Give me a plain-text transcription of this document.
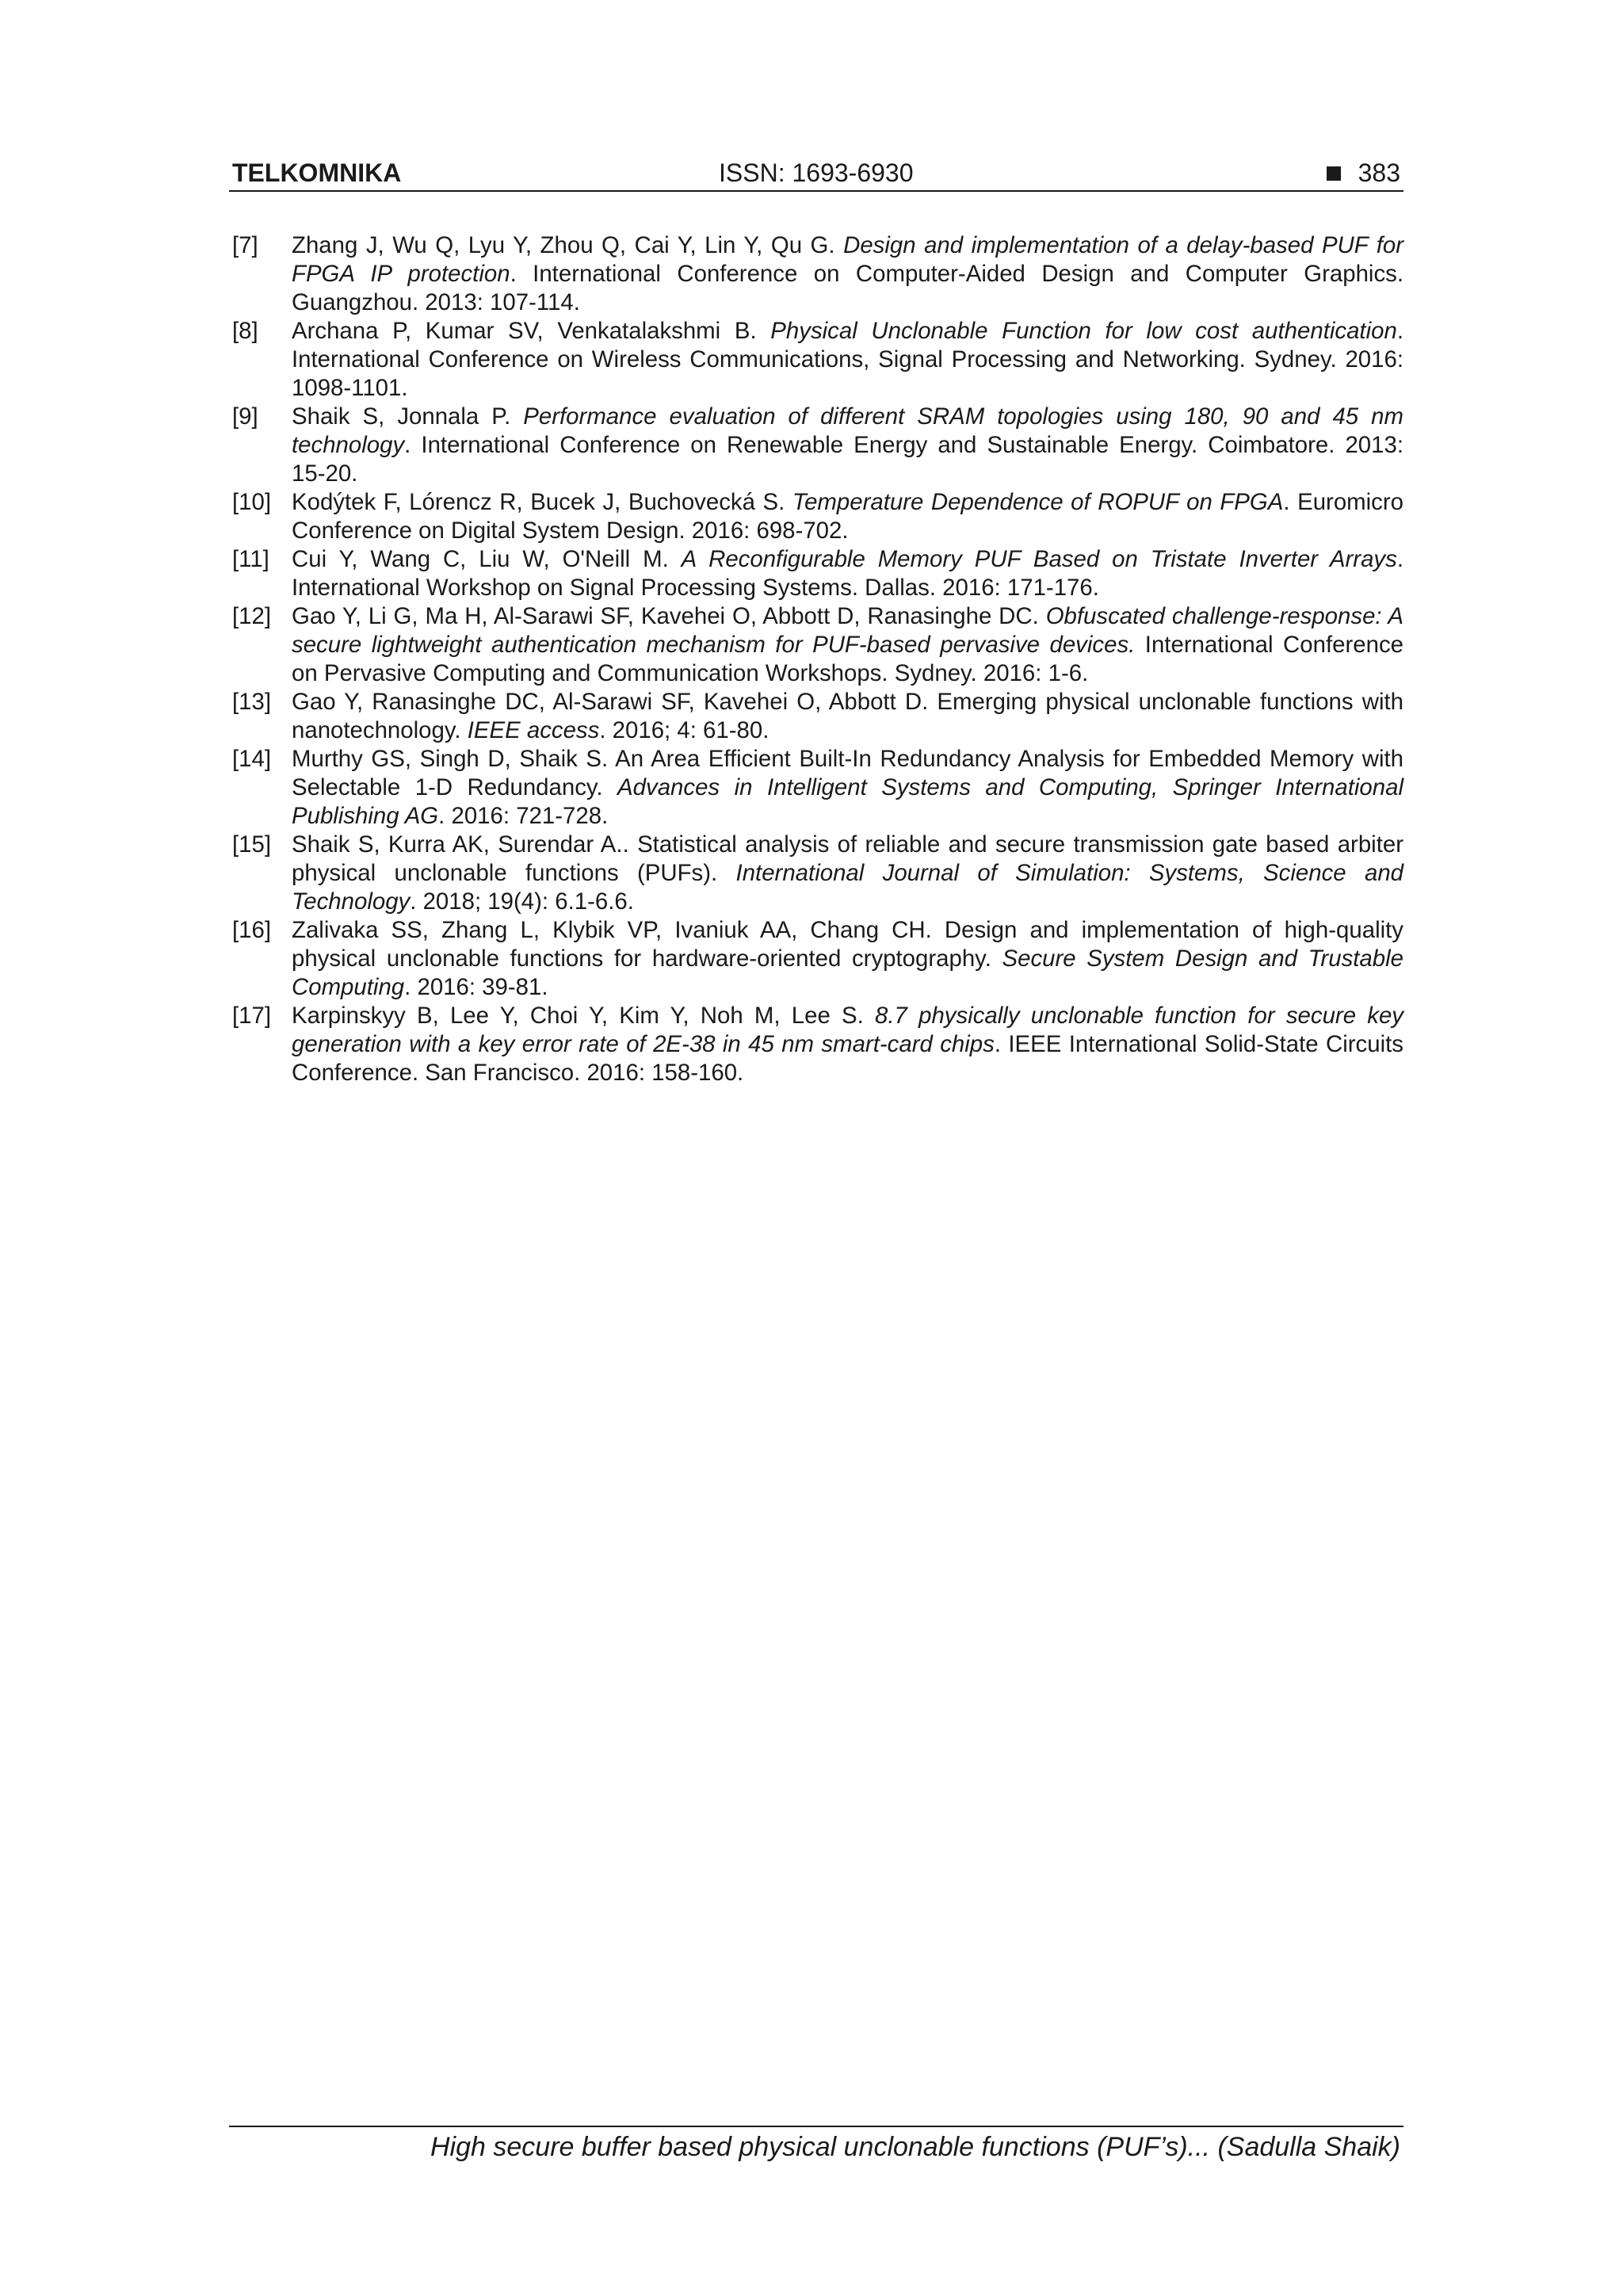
TELKOMNIKA	ISSN: 1693-6930	383
[7] Zhang J, Wu Q, Lyu Y, Zhou Q, Cai Y, Lin Y, Qu G. Design and implementation of a delay-based PUF for FPGA IP protection. International Conference on Computer-Aided Design and Computer Graphics. Guangzhou. 2013: 107-114.
[8] Archana P, Kumar SV, Venkatalakshmi B. Physical Unclonable Function for low cost authentication. International Conference on Wireless Communications, Signal Processing and Networking. Sydney. 2016: 1098-1101.
[9] Shaik S, Jonnala P. Performance evaluation of different SRAM topologies using 180, 90 and 45 nm technology. International Conference on Renewable Energy and Sustainable Energy. Coimbatore. 2013: 15-20.
[10] Kodýtek F, Lórencz R, Bucek J, Buchovecká S. Temperature Dependence of ROPUF on FPGA. Euromicro Conference on Digital System Design. 2016: 698-702.
[11] Cui Y, Wang C, Liu W, O'Neill M. A Reconfigurable Memory PUF Based on Tristate Inverter Arrays. International Workshop on Signal Processing Systems. Dallas. 2016: 171-176.
[12] Gao Y, Li G, Ma H, Al-Sarawi SF, Kavehei O, Abbott D, Ranasinghe DC. Obfuscated challenge-response: A secure lightweight authentication mechanism for PUF-based pervasive devices. International Conference on Pervasive Computing and Communication Workshops. Sydney. 2016: 1-6.
[13] Gao Y, Ranasinghe DC, Al-Sarawi SF, Kavehei O, Abbott D. Emerging physical unclonable functions with nanotechnology. IEEE access. 2016; 4: 61-80.
[14] Murthy GS, Singh D, Shaik S. An Area Efficient Built-In Redundancy Analysis for Embedded Memory with Selectable 1-D Redundancy. Advances in Intelligent Systems and Computing, Springer International Publishing AG. 2016: 721-728.
[15] Shaik S, Kurra AK, Surendar A.. Statistical analysis of reliable and secure transmission gate based arbiter physical unclonable functions (PUFs). International Journal of Simulation: Systems, Science and Technology. 2018; 19(4): 6.1-6.6.
[16] Zalivaka SS, Zhang L, Klybik VP, Ivaniuk AA, Chang CH. Design and implementation of high-quality physical unclonable functions for hardware-oriented cryptography. Secure System Design and Trustable Computing. 2016: 39-81.
[17] Karpinskyy B, Lee Y, Choi Y, Kim Y, Noh M, Lee S. 8.7 physically unclonable function for secure key generation with a key error rate of 2E-38 in 45 nm smart-card chips. IEEE International Solid-State Circuits Conference. San Francisco. 2016: 158-160.
High secure buffer based physical unclonable functions (PUF’s)... (Sadulla Shaik)
